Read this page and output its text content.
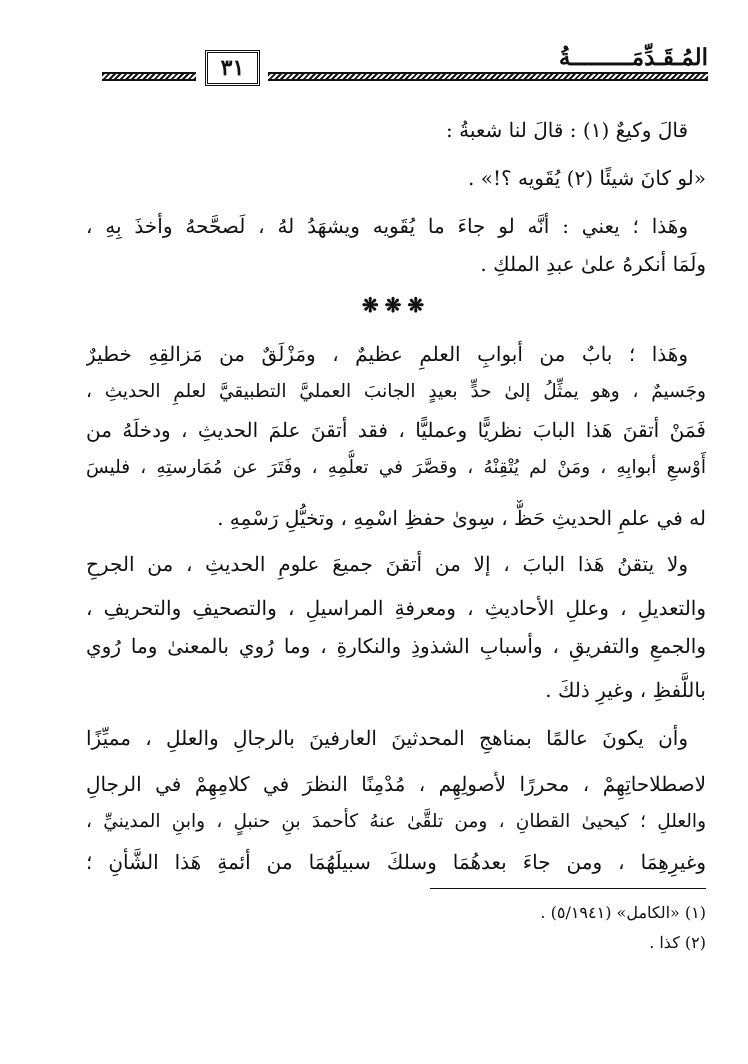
المُـقَـدِّمَـــــــــةُ
٣١
قالَ وكيعٌ (١) : قالَ لنا شعبةُ :
«لو كانَ شيئًا (٢) يُقَويه ؟!» .
وهَذا ؛ يعني : أنَّه لو جاءَ ما يُقَويه ويشهَدُ لهُ ، لَصحَّحهُ وأخذَ بِهِ ،
ولَمَا أنكرهُ علىٰ عبدِ الملكِ .
❋❋❋
وهَذا ؛ بابٌ من أبوابِ العلمِ عظيمٌ ، ومَزْلَقٌ من مَزالقِهِ خطيرٌ
وجَسيمٌ ، وهو يمثِّلُ إلىٰ حدٍّ بعيدٍ الجانبَ العمليَّ التطبيقيَّ لعلمِ الحديثِ ،
فَمَنْ أتقنَ هَذا البابَ نظريًّا وعمليًّا ، فقد أتقنَ علمَ الحديثِ ، ودخلَهُ من
أَوْسعِ أبوابِهِ ، ومَنْ لم يُتْقِنْهُ ، وقصَّرَ في تعلُّمِهِ ، وفَتَرَ عن مُمَارستِهِ ، فليسَ
له في علمِ الحديثِ حَظٌّ ، سِوىٰ حفظِ اسْمِهِ ، وتخيُّلِ رَسْمِهِ .
ولا يتقنُ هَذا البابَ ، إلا من أتقنَ جميعَ علومِ الحديثِ ، من الجرحِ
والتعديلِ ، وعللِ الأحاديثِ ، ومعرفةِ المراسيلِ ، والتصحيفِ والتحريفِ ،
والجمعِ والتفريقِ ، وأسبابِ الشذوذِ والنكارةِ ، وما رُوي بالمعنىٰ وما رُوي
باللَّفظِ ، وغيرِ ذلكَ .
وأن يكونَ عالمًا بمناهجِ المحدثينَ العارفينَ بالرجالِ والعللِ ، مميِّزًا
لاصطلاحاتِهِمْ ، محررًا لأصولِهِم ، مُدْمِنًا النظرَ في كلامِهِمْ في الرجالِ
والعللِ ؛ كيحيىٰ القطانِ ، ومن تلقَّىٰ عنهُ كأحمدَ بنِ حنبلٍ ، وابنِ المدينيِّ ،
وغيرِهِمَا ، ومن جاءَ بعدهُمَا وسلكَ سبيلَهُمَا من أئمةِ هَذا الشَّأنِ ؛
(١) «الكامل» (٥/١٩٤١) .
(٢) كذا .
